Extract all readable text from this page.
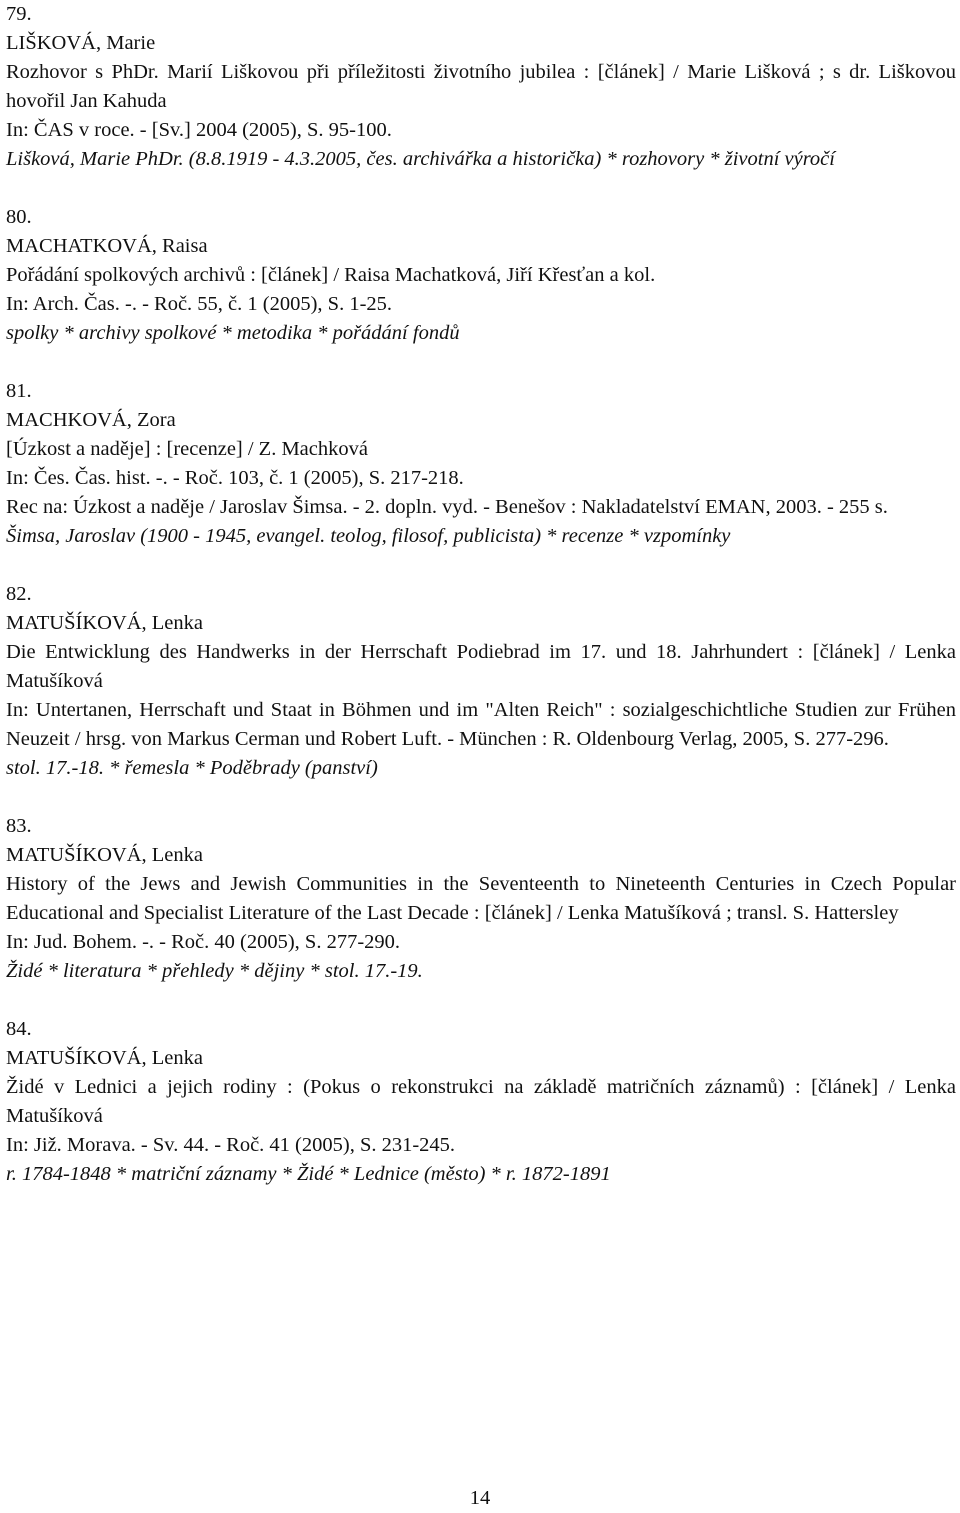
79.
LIŠKOVÁ, Marie
Rozhovor s PhDr. Marií Liškovou při příležitosti životního jubilea : [článek] / Marie Lišková ; s dr. Liškovou hovořil Jan Kahuda
In: ČAS v roce. - [Sv.] 2004 (2005), S. 95-100.
Lišková, Marie PhDr. (8.8.1919 - 4.3.2005, čes. archivářka a historička) * rozhovory * životní výročí
80.
MACHATKOVÁ, Raisa
Pořádání spolkových archivů : [článek] / Raisa Machatková, Jiří Křesťan a kol.
In: Arch. Čas. -. - Roč. 55, č. 1 (2005), S. 1-25.
spolky * archivy spolkové * metodika * pořádání fondů
81.
MACHKOVÁ, Zora
[Úzkost a naděje] : [recenze] / Z. Machková
In: Čes. Čas. hist. -. - Roč. 103, č. 1 (2005), S. 217-218.
Rec na: Úzkost a naděje / Jaroslav Šimsa. - 2. dopln. vyd. - Benešov : Nakladatelství EMAN, 2003. - 255 s.
Šimsa, Jaroslav (1900 - 1945, evangel. teolog, filosof, publicista) * recenze * vzpomínky
82.
MATUŠÍKOVÁ, Lenka
Die Entwicklung des Handwerks in der Herrschaft Podiebrad im 17. und 18. Jahrhundert : [článek] / Lenka Matušíková
In: Untertanen, Herrschaft und Staat in Böhmen und im "Alten Reich" : sozialgeschichtliche Studien zur Frühen Neuzeit / hrsg. von Markus Cerman und Robert Luft. - München : R. Oldenbourg Verlag, 2005, S. 277-296.
stol. 17.-18. * řemesla * Poděbrady (panství)
83.
MATUŠÍKOVÁ, Lenka
History of the Jews and Jewish Communities in the Seventeenth to Nineteenth Centuries in Czech Popular Educational and Specialist Literature of the Last Decade : [článek] / Lenka Matušíková ; transl. S. Hattersley
In: Jud. Bohem. -. - Roč. 40 (2005), S. 277-290.
Židé * literatura * přehledy * dějiny * stol. 17.-19.
84.
MATUŠÍKOVÁ, Lenka
Židé v Lednici a jejich rodiny : (Pokus o rekonstrukci na základě matričních záznamů) : [článek] / Lenka Matušíková
In: Již. Morava. - Sv. 44. - Roč. 41 (2005), S. 231-245.
r. 1784-1848 * matriční záznamy * Židé * Lednice (město) * r. 1872-1891
14
